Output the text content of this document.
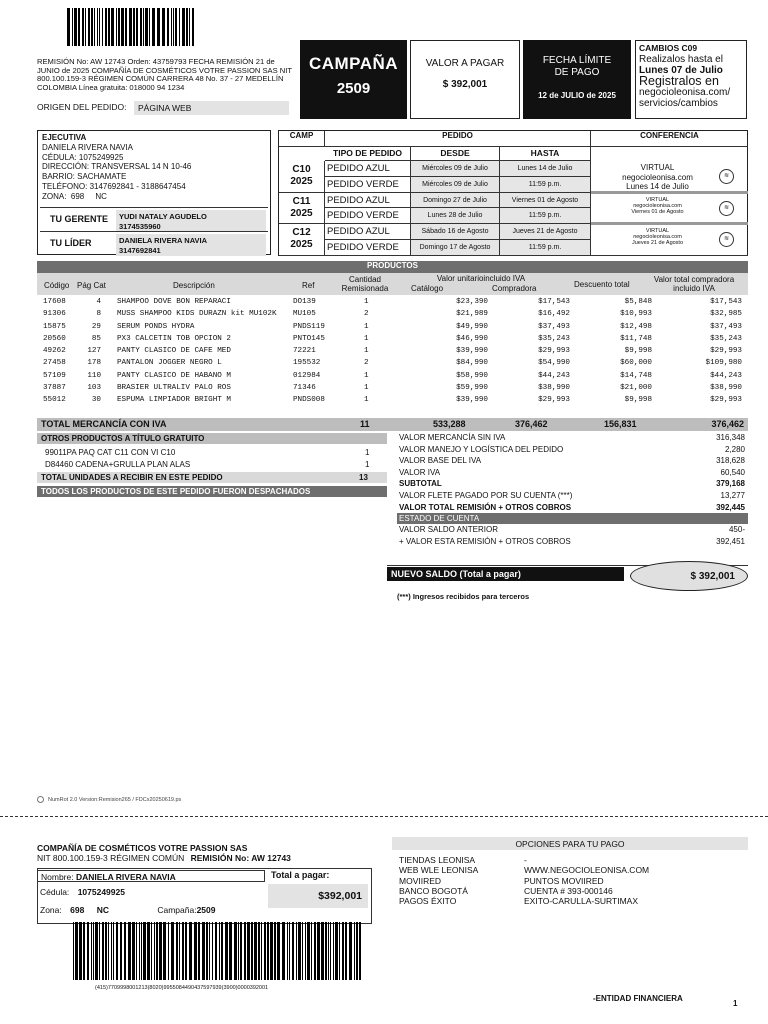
REMISIÓN No: AW 12743 Orden: 43759793 FECHA REMISIÓN 21 de JUNIO de 2025 COMPAÑÍA DE COSMÉTICOS VOTRE PASSION SAS NIT 800.100.159-3 RÉGIMEN COMÚN CARRERA 48 No. 37 - 27 MEDELLÍN COLOMBIA Línea gratuita: 018000 94 1234
ORIGEN DEL PEDIDO:	PÁGINA WEB
CAMPAÑA
2509
VALOR A PAGAR
$ 392,001
FECHA LÍMITE
DE PAGO
12 de JULIO de 2025
CAMBIOS C09
Realizalos hasta el
Lunes 07 de Julio
Registralos en
negocioleonisa.com/
servicios/cambios
EJECUTIVA
DANIELA RIVERA NAVIA
CÉDULA: 1075249925
DIRECCIÓN: TRANSVERSAL 14 N 10-46
BARRIO: SACHAMATE
TELÉFONO: 3147692841 - 3188647454
ZONA:  698     NC
TU GERENTE YUDI NATALY AGUDELO
3174535960
TU LÍDER	DANIELA RIVERA NAVIA
3147692841
CAMP	PEDIDO	CONFERENCIA
TIPO DE PEDIDO	DESDE	HASTA
C10
2025
PEDIDO AZUL	Miércoles 09 de Julio	Lunes 14 de Julio
PEDIDO VERDE	Miércoles 09 de Julio	11:59 p.m.
VIRTUAL
negocioleonisa.com
Lunes 14 de Julio
≋
C11
2025
PEDIDO AZUL	Domingo 27 de Julio	Viernes 01 de Agosto
PEDIDO VERDE	Lunes 28 de Julio	11:59 p.m.
VIRTUAL
negocioleonisa.com
Viernes 01 de Agosto
≋
C12
2025
PEDIDO AZUL	Sábado 16 de Agosto	Jueves 21 de Agosto
PEDIDO VERDE	Domingo 17 de Agosto	11:59 p.m.
VIRTUAL
negocioleonisa.com
Jueves 21 de Agosto
≋
PRODUCTOS
Código Pág Cat	Descripción	Ref
Cantidad
Remisionada
Valor unitarioincluido IVA
Catálogo	Compradora	Descuento total
Valor total compradora
incluido IVA
17608	4 SHAMPOO DOVE BON REPARACI	DO139	1	$23,390	$17,543	$5,848	$17,543
91306	8 MUSS SHAMPOO KIDS DURAZN kit MU102K MU105	2	$21,989	$16,492	$10,993	$32,985
15875	29 SERUM PONDS HYDRA	PNDS119	1	$49,990	$37,493	$12,498	$37,493
20560	85 PX3 CALCETIN TOB OPCION 2	PNTO145	1	$46,990	$35,243	$11,748	$35,243
49262	127 PANTY CLASICO DE CAFE MED	72221	1	$39,990	$29,993	$9,998	$29,993
27458	178 PANTALON JOGGER NEGRO L	195532	2	$84,990	$54,990	$60,000	$109,980
57109	110 PANTY CLASICO DE HABANO M	012984	1	$58,990	$44,243	$14,748	$44,243
37887	103 BRASIER ULTRALIV PALO ROS	71346	1	$59,990	$38,990	$21,000	$38,990
55012	30 ESPUMA LIMPIADOR BRIGHT M	PNDS008	1	$39,990	$29,993	$9,998	$29,993
TOTAL MERCANCÍA CON IVA	11	533,288	376,462	156,831	376,462
OTROS PRODUCTOS A TÍTULO GRATUITO
99011PA PAQ CAT C11 CON VI C10	1
D84460 CADENA+GRULLA PLAN ALAS	1
TOTAL UNIDADES A RECIBIR EN ESTE PEDIDO	13
TODOS LOS PRODUCTOS DE ESTE PEDIDO FUERON DESPACHADOS
VALOR MERCANCÍA SIN IVA	316,348
VALOR MANEJO Y LOGÍSTICA DEL PEDIDO	2,280
VALOR BASE DEL IVA	318,628
VALOR IVA	60,540
SUBTOTAL	379,168
VALOR FLETE PAGADO POR SU CUENTA (***)	13,277
VALOR TOTAL REMISIÓN + OTROS COBROS	392,445
ESTADO DE CUENTA
VALOR SALDO ANTERIOR	450-
+ VALOR ESTA REMISIÓN + OTROS COBROS	392,451
NUEVO SALDO (Total a pagar)	$ 392,001
(***) Ingresos recibidos para terceros
NumRot 2.0 Version:Remision265 / FDCx20250619.ps
COMPAÑÍA DE COSMÉTICOS VOTRE PASSION SAS
NIT 800.100.159-3 RÉGIMEN COMÚN REMISIÓN No: AW 12743
Nombre: DANIELA RIVERA NAVIA
Cédula: 1075249925
Zona: 698 NC	Campaña:2509
Total a pagar:
$392,001
(415)7709998001213(8020)9955084490437597939(3900)0000392001
OPCIONES PARA TU PAGO
TIENDAS LEONISA	-
WEB WLE LEONISA	WWW.NEGOCIOLEONISA.COM
MOVIIRED	PUNTOS MOVIIRED
BANCO BOGOTÁ	CUENTA # 393-000146
PAGOS ÉXITO	EXITO-CARULLA-SURTIMAX
-ENTIDAD FINANCIERA
1
